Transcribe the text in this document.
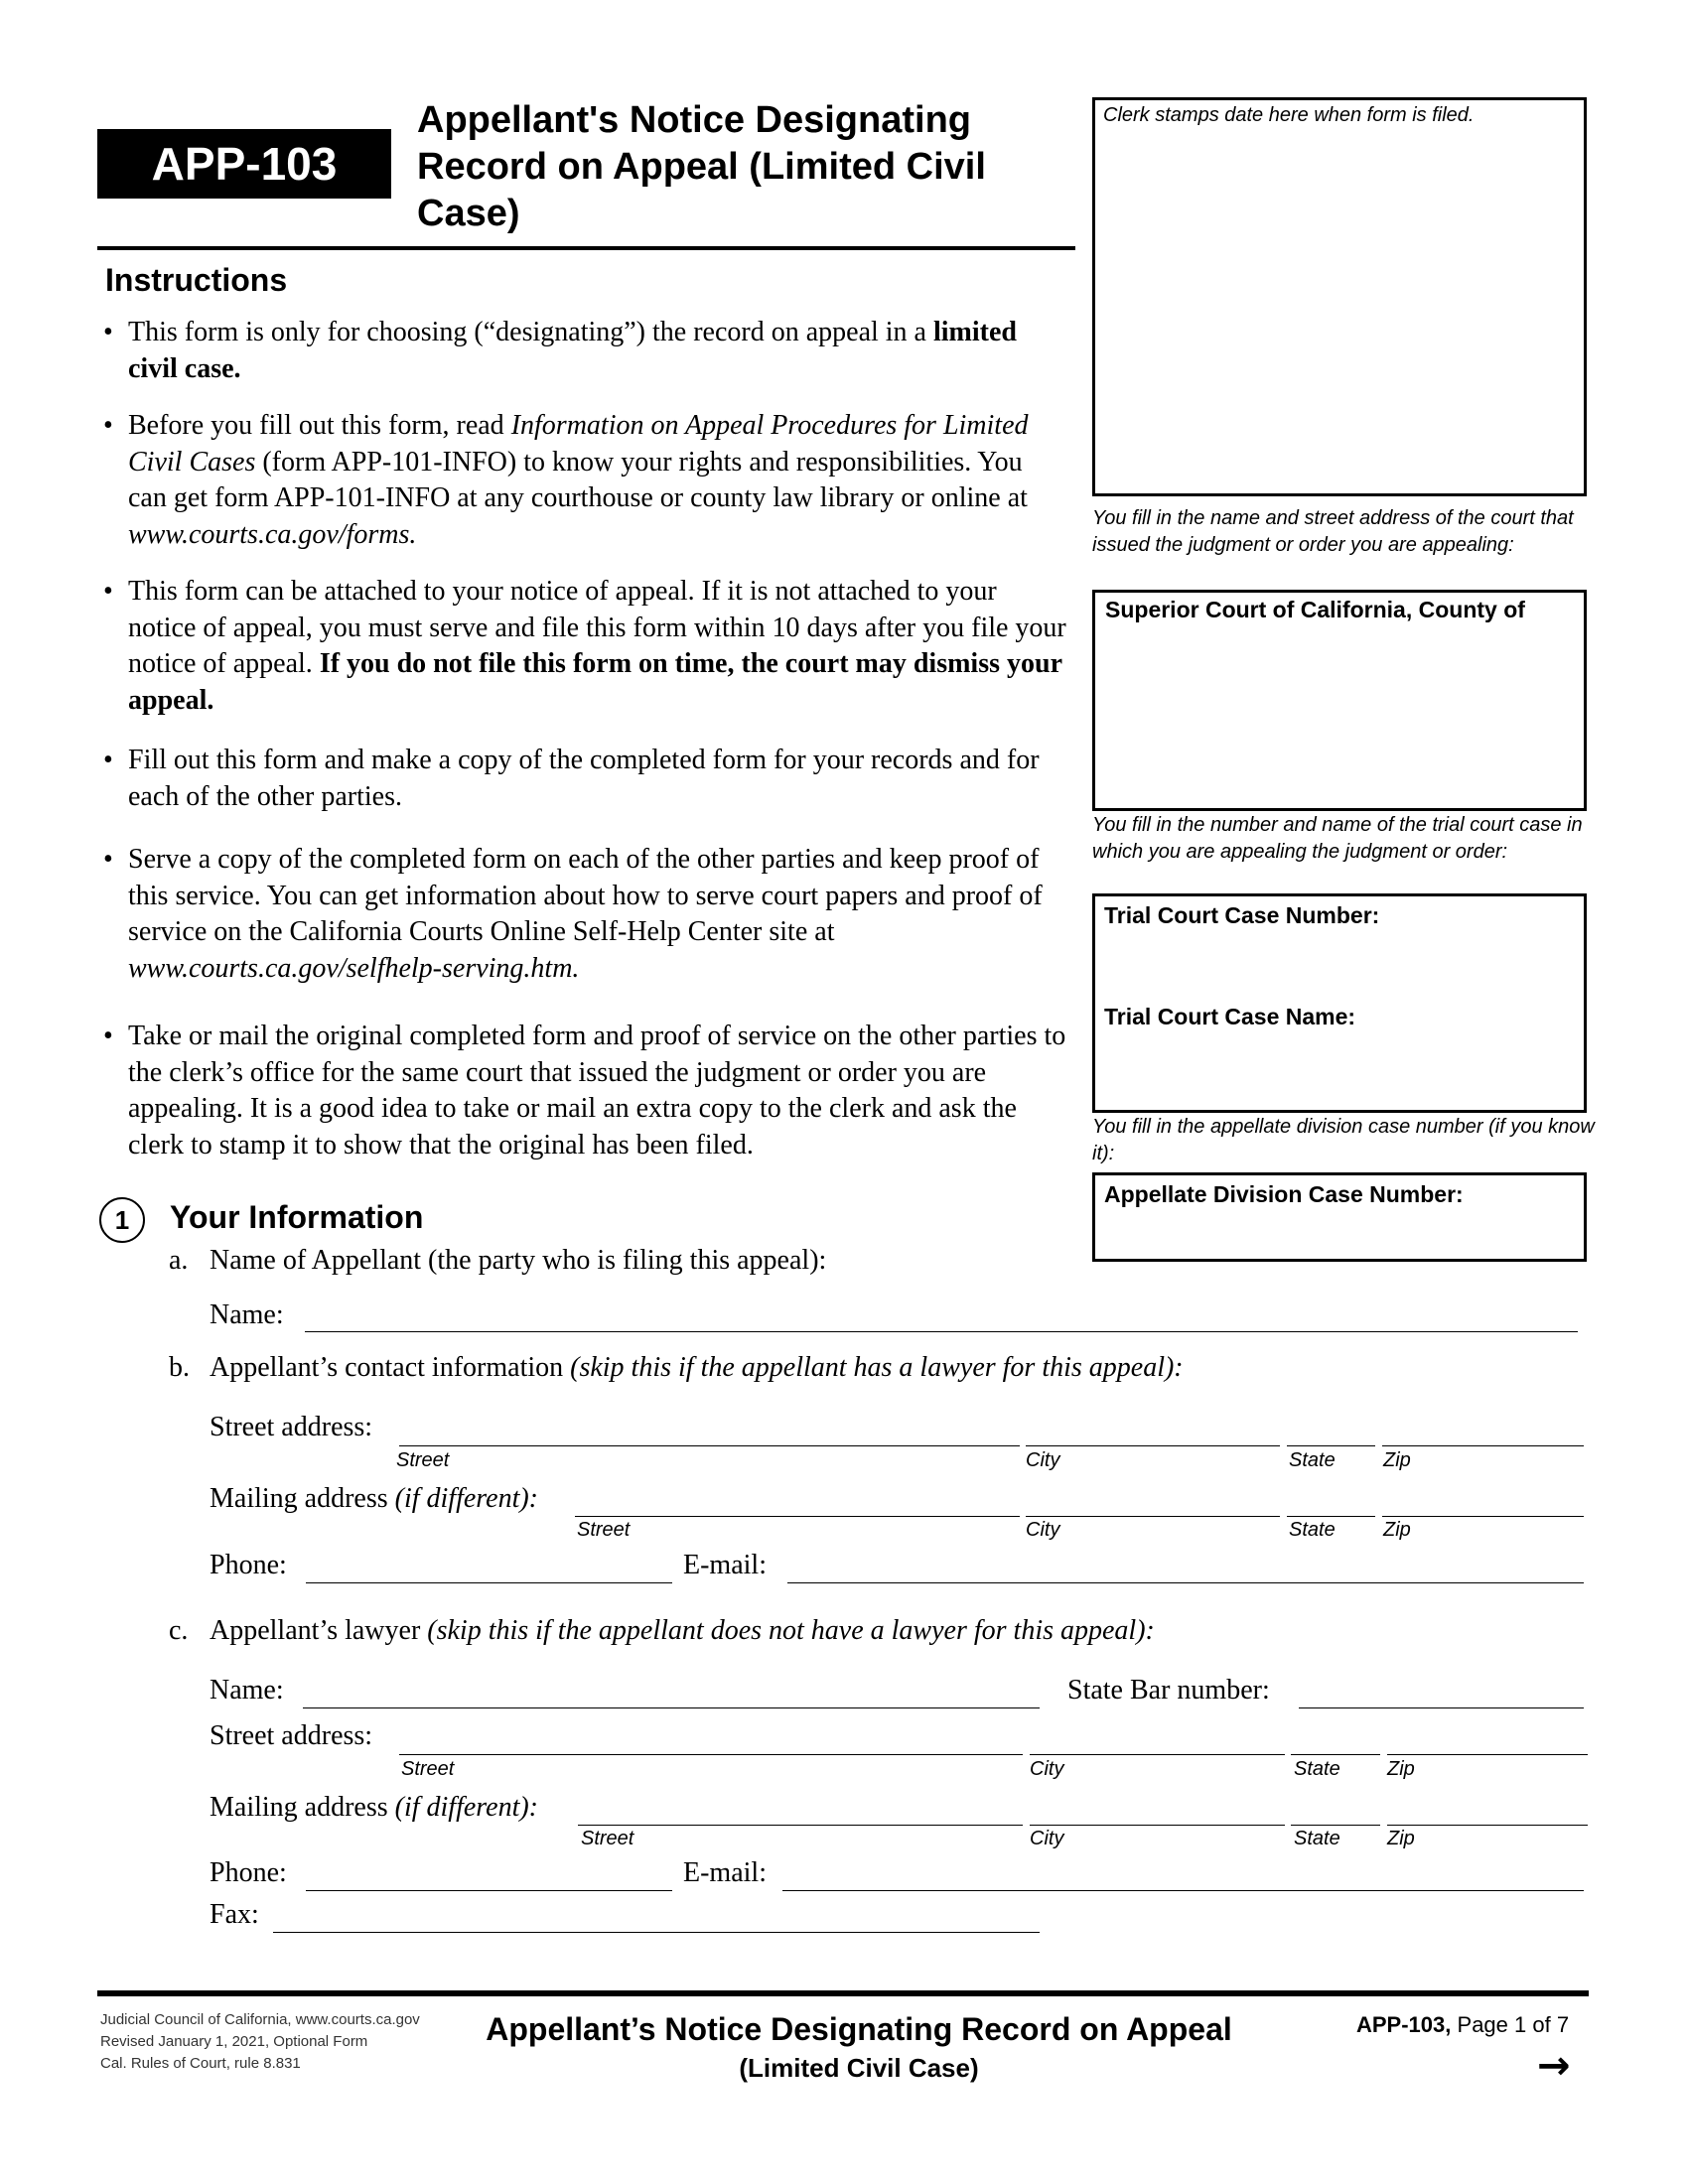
APP-103
Appellant's Notice Designating Record on Appeal (Limited Civil Case)
Instructions
• This form is only for choosing (“designating”) the record on appeal in a limited civil case.
• Before you fill out this form, read Information on Appeal Procedures for Limited Civil Cases (form APP-101-INFO) to know your rights and responsibilities. You can get form APP-101-INFO at any courthouse or county law library or online at www.courts.ca.gov/forms.
• This form can be attached to your notice of appeal. If it is not attached to your notice of appeal, you must serve and file this form within 10 days after you file your notice of appeal. If you do not file this form on time, the court may dismiss your appeal.
• Fill out this form and make a copy of the completed form for your records and for each of the other parties.
• Serve a copy of the completed form on each of the other parties and keep proof of this service. You can get information about how to serve court papers and proof of service on the California Courts Online Self-Help Center site at www.courts.ca.gov/selfhelp-serving.htm.
• Take or mail the original completed form and proof of service on the other parties to the clerk’s office for the same court that issued the judgment or order you are appealing. It is a good idea to take or mail an extra copy to the clerk and ask the clerk to stamp it to show that the original has been filed.
Clerk stamps date here when form is filed.
You fill in the name and street address of the court that issued the judgment or order you are appealing:
Superior Court of California, County of
You fill in the number and name of the trial court case in which you are appealing the judgment or order:
Trial Court Case Number:
Trial Court Case Name:
You fill in the appellate division case number (if you know it):
Appellate Division Case Number:
1	Your Information
a. Name of Appellant (the party who is filing this appeal):
Name:
b. Appellant’s contact information (skip this if the appellant has a lawyer for this appeal):
Street address:
Street	City	State Zip
Mailing address (if different):
Street	City	State Zip
Phone:	E-mail:
c. Appellant’s lawyer (skip this if the appellant does not have a lawyer for this appeal):
Name:	State Bar number:
Street address:
Street	City	State Zip
Mailing address (if different):
Street	City	State Zip
Phone:	E-mail:
Fax:
Judicial Council of California, www.courts.ca.gov
Revised January 1, 2021, Optional Form
Cal. Rules of Court, rule 8.831
Appellant’s Notice Designating Record on Appeal
(Limited Civil Case)
APP-103, Page 1 of 7
→
